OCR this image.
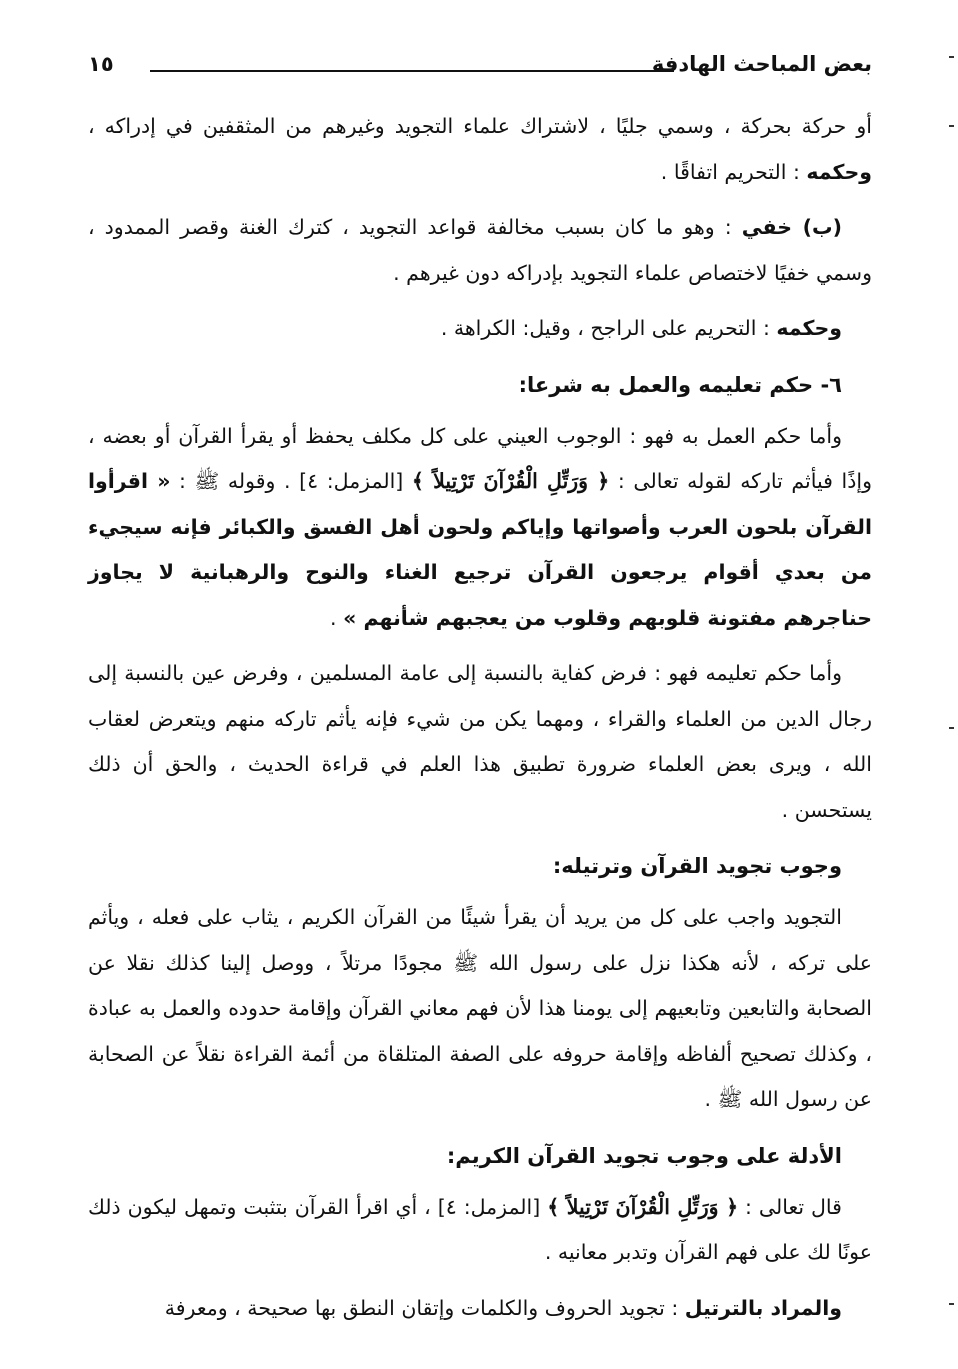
بعض المباحث الهادفة
١٥

أو حركة بحركة ، وسمي جليًا ، لاشتراك علماء التجويد وغيرهم من المثقفين في إدراكه ، وحكمه : التحريم اتفاقًا .

(ب) خفي : وهو ما كان بسبب مخالفة قواعد التجويد ، كترك الغنة وقصر الممدود ، وسمي خفيًا لاختصاص علماء التجويد بإدراكه دون غيرهم .

وحكمه : التحريم على الراجح ، وقيل: الكراهة .

٦- حكم تعليمه والعمل به شرعا:

وأما حكم العمل به فهو : الوجوب العيني على كل مكلف يحفظ أو يقرأ القرآن أو بعضه ، وإذًا فيأثم تاركه لقوله تعالى : ﴿ وَرَتِّلِ الْقُرْآنَ تَرْتِيلاً ﴾ [المزمل: ٤] . وقوله ﷺ : « اقرأوا القرآن بلحون العرب وأصواتها وإياكم ولحون أهل الفسق والكبائر فإنه سيجيء من بعدي أقوام يرجعون القرآن ترجيع الغناء والنوح والرهبانية لا يجاوز حناجرهم مفتونة قلوبهم وقلوب من يعجبهم شأنهم » .

وأما حكم تعليمه فهو : فرض كفاية بالنسبة إلى عامة المسلمين ، وفرض عين بالنسبة إلى رجال الدين من العلماء والقراء ، ومهما يكن من شيء فإنه يأثم تاركه منهم ويتعرض لعقاب الله ، ويرى بعض العلماء ضرورة تطبيق هذا العلم في قراءة الحديث ، والحق أن ذلك يستحسن .

وجوب تجويد القرآن وترتيله:

التجويد واجب على كل من يريد أن يقرأ شيئًا من القرآن الكريم ، يثاب على فعله ، ويأثم على تركه ، لأنه هكذا نزل على رسول الله ﷺ مجودًا مرتلاً ، ووصل إلينا كذلك نقلا عن الصحابة والتابعين وتابعيهم إلى يومنا هذا لأن فهم معاني القرآن وإقامة حدوده والعمل به عبادة ، وكذلك تصحيح ألفاظه وإقامة حروفه على الصفة المتلقاة من أئمة القراءة نقلاً عن الصحابة عن رسول الله ﷺ .

الأدلة على وجوب تجويد القرآن الكريم:

قال تعالى : ﴿ وَرَتِّلِ الْقُرْآنَ تَرْتِيلاً ﴾ [المزمل: ٤] ، أي اقرأ القرآن بتثبت وتمهل ليكون ذلك عونًا لك على فهم القرآن وتدبر معانيه .

والمراد بالترتيل : تجويد الحروف والكلمات وإتقان النطق بها صحيحة ، ومعرفة
